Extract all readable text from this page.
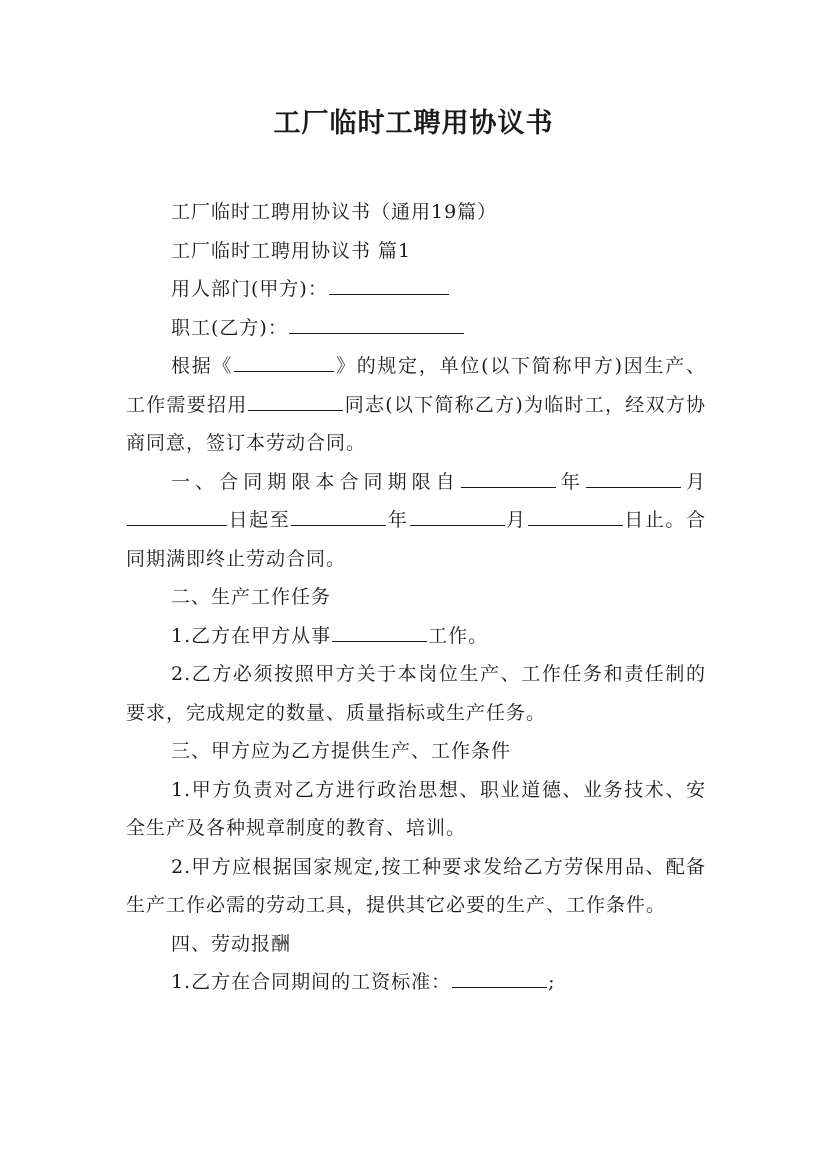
工厂临时工聘用协议书

工厂临时工聘用协议书（通用19篇）

工厂临时工聘用协议书 篇1

用人部门(甲方)：

职工(乙方)：

根据《	》的规定，单位(以下简称甲方)因生产、工作需要招用	同志(以下简称乙方)为临时工，经双方协商同意，签订本劳动合同。

一、合同期限本合同期限自	年	月日起至	年	月	日止。合同期满即终止劳动合同。

二、生产工作任务

1.乙方在甲方从事	工作。

2.乙方必须按照甲方关于本岗位生产、工作任务和责任制的要求，完成规定的数量、质量指标或生产任务。

三、甲方应为乙方提供生产、工作条件

1.甲方负责对乙方进行政治思想、职业道德、业务技术、安全生产及各种规章制度的教育、培训。

2.甲方应根据国家规定,按工种要求发给乙方劳保用品、配备生产工作必需的劳动工具，提供其它必要的生产、工作条件。

四、劳动报酬

1.乙方在合同期间的工资标准：	;
